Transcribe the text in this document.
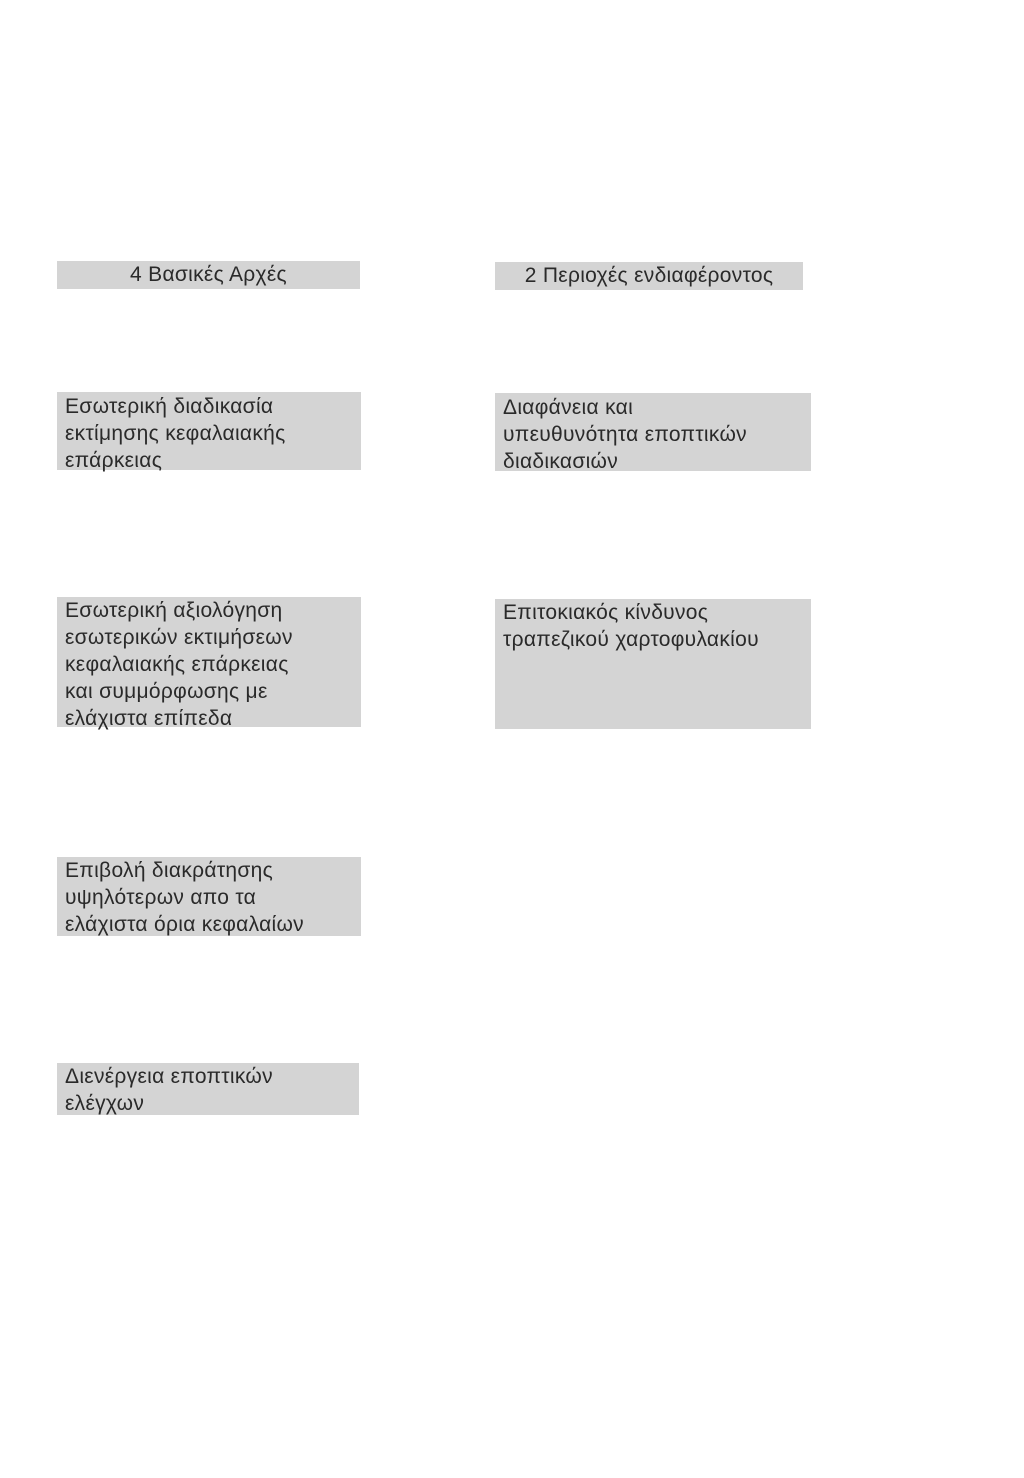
4 Βασικές Αρχές	2 Περιοχές ενδιαφέροντος
Εσωτερική διαδικασία
εκτίμησης κεφαλαιακής
επάρκειας
Εσωτερική αξιολόγηση
εσωτερικών εκτιμήσεων
κεφαλαιακής επάρκειας
και συμμόρφωσης με
ελάχιστα επίπεδα
Επιβολή διακράτησης
υψηλότερων απο τα
ελάχιστα όρια κεφαλαίων
Διενέργεια εποπτικών
ελέγχων
Διαφάνεια και
υπευθυνότητα εποπτικών
διαδικασιών
Επιτοκιακός κίνδυνος
τραπεζικού χαρτοφυλακίου
